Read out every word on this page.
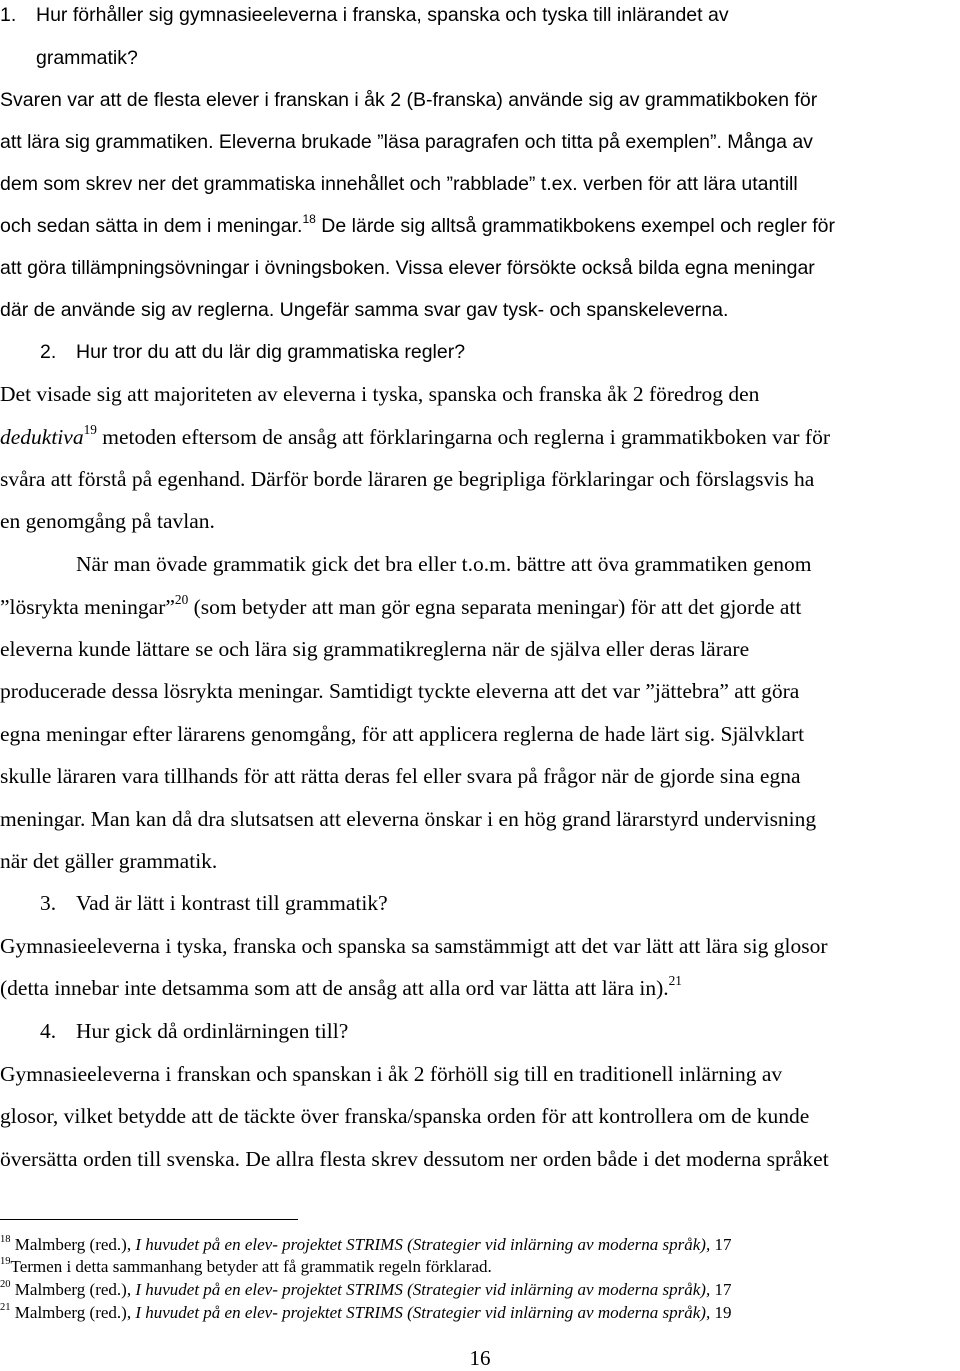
1. Hur förhåller sig gymnasieeleverna i franska, spanska och tyska till inlärandet av
grammatik?
Svaren var att de flesta elever i franskan i åk 2 (B-franska) använde sig av grammatikboken för
att lära sig grammatiken. Eleverna brukade ”läsa paragrafen och titta på exemplen”. Många av
dem som skrev ner det grammatiska innehållet och ”rabblade” t.ex. verben för att lära utantill
och sedan sätta in dem i meningar.$^{18}$ De lärde sig alltså grammatikbokens exempel och regler för
att göra tillämpningsövningar i övningsboken. Vissa elever försökte också bilda egna meningar
där de använde sig av reglerna. Ungefär samma svar gav tysk- och spanskeleverna.
2. Hur tror du att du lär dig grammatiska regler?
Det visade sig att majoriteten av eleverna i tyska, spanska och franska åk 2 föredrog den
deduktiva$^{19}$ metoden eftersom de ansåg att förklaringarna och reglerna i grammatikboken var för
svåra att förstå på egenhand. Därför borde läraren ge begripliga förklaringar och förslagsvis ha
en genomgång på tavlan.
När man övade grammatik gick det bra eller t.o.m. bättre att öva grammatiken genom
”lösrykta meningar”$^{20}$ (som betyder att man gör egna separata meningar) för att det gjorde att
eleverna kunde lättare se och lära sig grammatikreglerna när de själva eller deras lärare
producerade dessa lösrykta meningar. Samtidigt tyckte eleverna att det var ”jättebra” att göra
egna meningar efter lärarens genomgång, för att applicera reglerna de hade lärt sig. Självklart
skulle läraren vara tillhands för att rätta deras fel eller svara på frågor när de gjorde sina egna
meningar. Man kan då dra slutsatsen att eleverna önskar i en hög grand lärarstyrd undervisning
när det gäller grammatik.
3. Vad är lätt i kontrast till grammatik?
Gymnasieeleverna i tyska, franska och spanska sa samstämmigt att det var lätt att lära sig glosor
(detta innebar inte detsamma som att de ansåg att alla ord var lätta att lära in).$^{21}$
4. Hur gick då ordinlärningen till?
Gymnasieeleverna i franskan och spanskan i åk 2 förhöll sig till en traditionell inlärning av
glosor, vilket betydde att de täckte över franska/spanska orden för att kontrollera om de kunde
översätta orden till svenska. De allra flesta skrev dessutom ner orden både i det moderna språket
$^{18}$ Malmberg (red.), I huvudet på en elev- projektet STRIMS (Strategier vid inlärning av moderna språk), 17
$^{19}$Termen i detta sammanhang betyder att få grammatik regeln förklarad.
$^{20}$ Malmberg (red.), I huvudet på en elev- projektet STRIMS (Strategier vid inlärning av moderna språk), 17
$^{21}$ Malmberg (red.), I huvudet på en elev- projektet STRIMS (Strategier vid inlärning av moderna språk), 19
16
